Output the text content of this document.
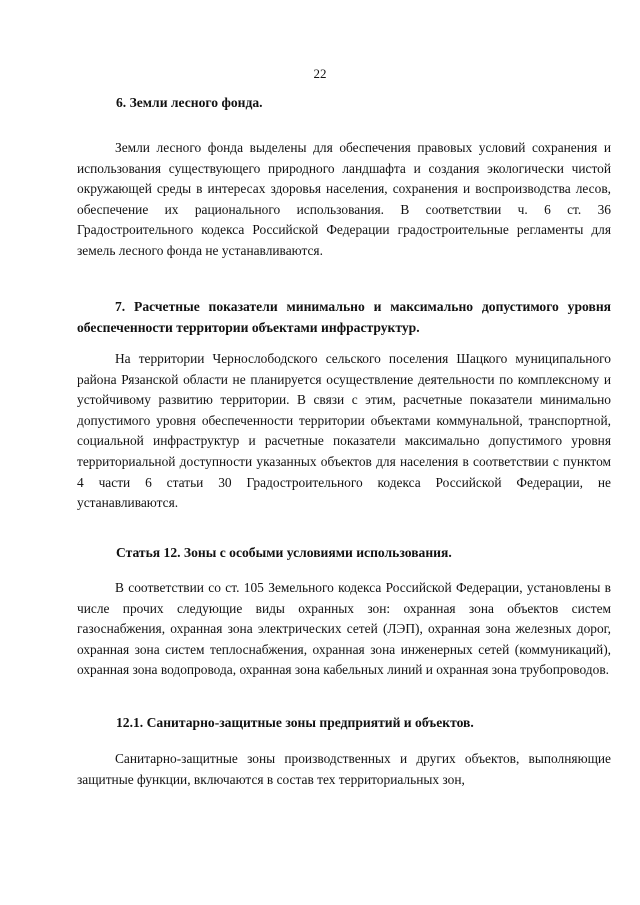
22
6. Земли лесного фонда.
Земли лесного фонда выделены для обеспечения правовых условий сохранения и использования существующего природного ландшафта и создания экологически чистой окружающей среды в интересах здоровья населения, сохранения и воспроизводства лесов, обеспечение их рационального использования. В соответствии ч. 6 ст. 36 Градостроительного кодекса Российской Федерации градостроительные регламенты для земель лесного фонда не устанавливаются.
7. Расчетные показатели минимально и максимально допустимого уровня обеспеченности территории объектами инфраструктур.
На территории Чернослободского сельского поселения Шацкого муниципального района Рязанской области не планируется осуществление деятельности по комплексному и устойчивому развитию территории. В связи с этим, расчетные показатели минимально допустимого уровня обеспеченности территории объектами коммунальной, транспортной, социальной инфраструктур и расчетные показатели максимально допустимого уровня территориальной доступности указанных объектов для населения в соответствии с пунктом 4 части 6 статьи 30 Градостроительного кодекса Российской Федерации, не устанавливаются.
Статья 12. Зоны с особыми условиями использования.
В соответствии со ст. 105 Земельного кодекса Российской Федерации, установлены в числе прочих следующие виды охранных зон: охранная зона объектов систем газоснабжения, охранная зона электрических сетей (ЛЭП), охранная зона железных дорог, охранная зона систем теплоснабжения, охранная зона инженерных сетей (коммуникаций), охранная зона водопровода, охранная зона кабельных линий и охранная зона трубопроводов.
12.1. Санитарно-защитные зоны предприятий и объектов.
Санитарно-защитные зоны производственных и других объектов, выполняющие защитные функции, включаются в состав тех территориальных зон,
